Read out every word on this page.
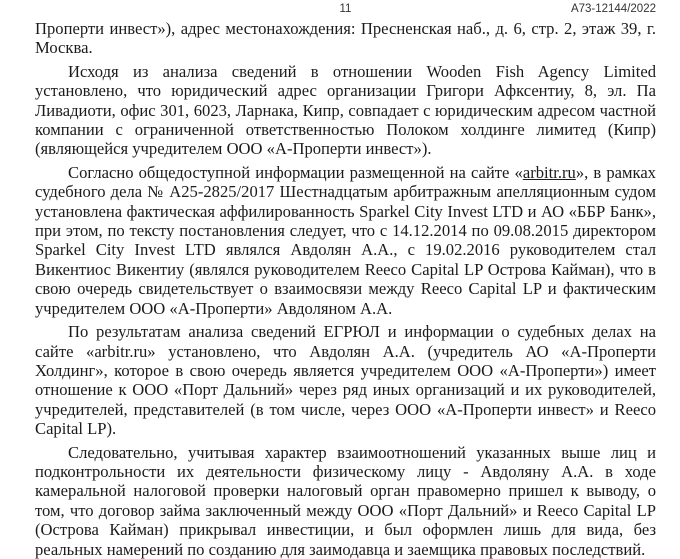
11	А73-12144/2022

Проперти инвест»), адрес местонахождения: Пресненская наб., д. 6, стр. 2, этаж 39, г. Москва.

Исходя из анализа сведений в отношении Wooden Fish Agency Limited установлено, что юридический адрес организации Григори Афксентиу, 8, эл. Па Ливадиоти, офис 301, 6023, Ларнака, Кипр, совпадает с юридическим адресом частной компании с ограниченной ответственностью Полоком холдинге лимитед (Кипр) (являющейся учредителем ООО «А-Проперти инвест»).

Согласно общедоступной информации размещенной на сайте «arbitr.ru», в рамках судебного дела № А25-2825/2017 Шестнадцатым арбитражным апелляционным судом установлена фактическая аффилированность Sparkel City Invest LTD и АО «ББР Банк», при этом, по тексту постановления следует, что с 14.12.2014 по 09.08.2015 директором Sparkel City Invest LTD являлся Авдолян А.А., с 19.02.2016 руководителем стал Викентиос Викентиу (являлся руководителем Reeco Capital LP Острова Кайман), что в свою очередь свидетельствует о взаимосвязи между Reeco Capital LP и фактическим учредителем ООО «А-Проперти» Авдоляном А.А.

По результатам анализа сведений ЕГРЮЛ и информации о судебных делах на сайте «arbitr.ru» установлено, что Авдолян А.А. (учредитель АО «А-Проперти Холдинг», которое в свою очередь является учредителем ООО «А-Проперти») имеет отношение к ООО «Порт Дальний» через ряд иных организаций и их руководителей, учредителей, представителей (в том числе, через ООО «А-Проперти инвест» и Reeco Capital LP).

Следовательно, учитывая характер взаимоотношений указанных выше лиц и подконтрольности их деятельности физическому лицу - Авдоляну А.А. в ходе камеральной налоговой проверки налоговый орган правомерно пришел к выводу, о том, что договор займа заключенный между ООО «Порт Дальний» и Reeco Capital LP (Острова Кайман) прикрывал инвестиции, и был оформлен лишь для вида, без реальных намерений по созданию для заимодавца и заемщика правовых последствий.
